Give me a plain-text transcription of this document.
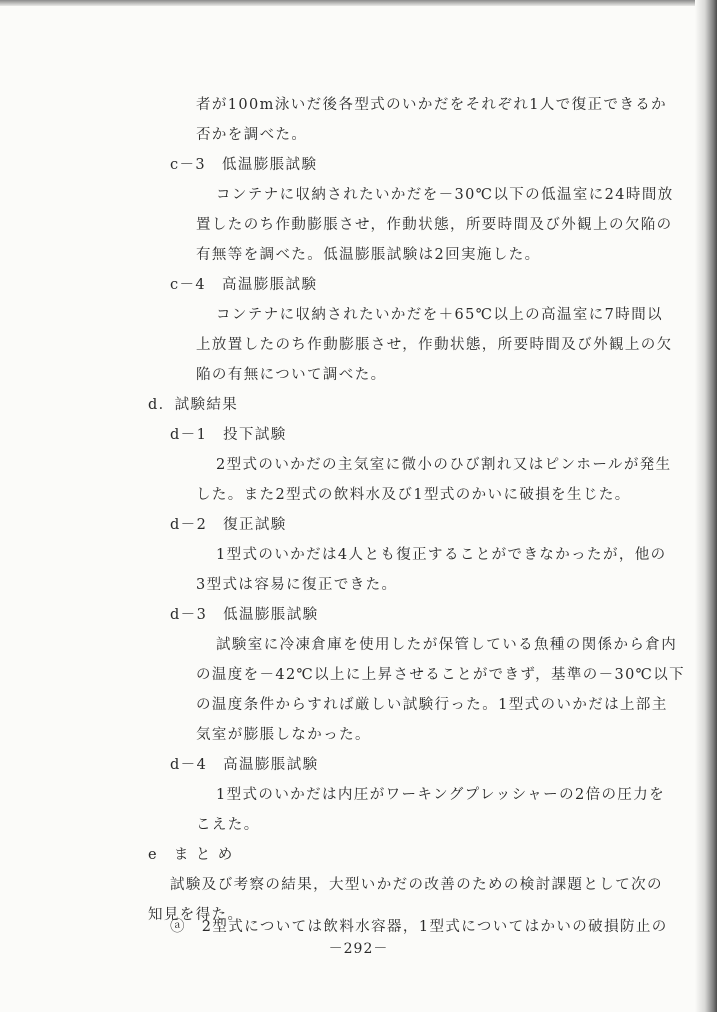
者が100m泳いだ後各型式のいかだをそれぞれ1人で復正できるか
否かを調べた。
c－3　低温膨脹試験
コンテナに収納されたいかだを－30℃以下の低温室に24時間放
置したのち作動膨脹させ，作動状態，所要時間及び外観上の欠陥の
有無等を調べた。低温膨脹試験は2回実施した。
c－4　高温膨脹試験
コンテナに収納されたいかだを＋65℃以上の高温室に7時間以
上放置したのち作動膨脹させ，作動状態，所要時間及び外観上の欠
陥の有無について調べた。
d．試験結果
d－1　投下試験
2型式のいかだの主気室に微小のひび割れ又はピンホールが発生
した。また2型式の飲料水及び1型式のかいに破損を生じた。
d－2　復正試験
1型式のいかだは4人とも復正することができなかったが，他の
3型式は容易に復正できた。
d－3　低温膨脹試験
試験室に冷凍倉庫を使用したが保管している魚種の関係から倉内
の温度を－42℃以上に上昇させることができず，基準の－30℃以下
の温度条件からすれば厳しい試験行った。1型式のいかだは上部主
気室が膨脹しなかった。
d－4　高温膨脹試験
1型式のいかだは内圧がワーキングプレッシャーの2倍の圧力を
こえた。
e　ま と め
試験及び考察の結果，大型いかだの改善のための検討課題として次の
知見を得た。
ⓐ　2型式については飲料水容器，1型式についてはかいの破損防止の
－292－
